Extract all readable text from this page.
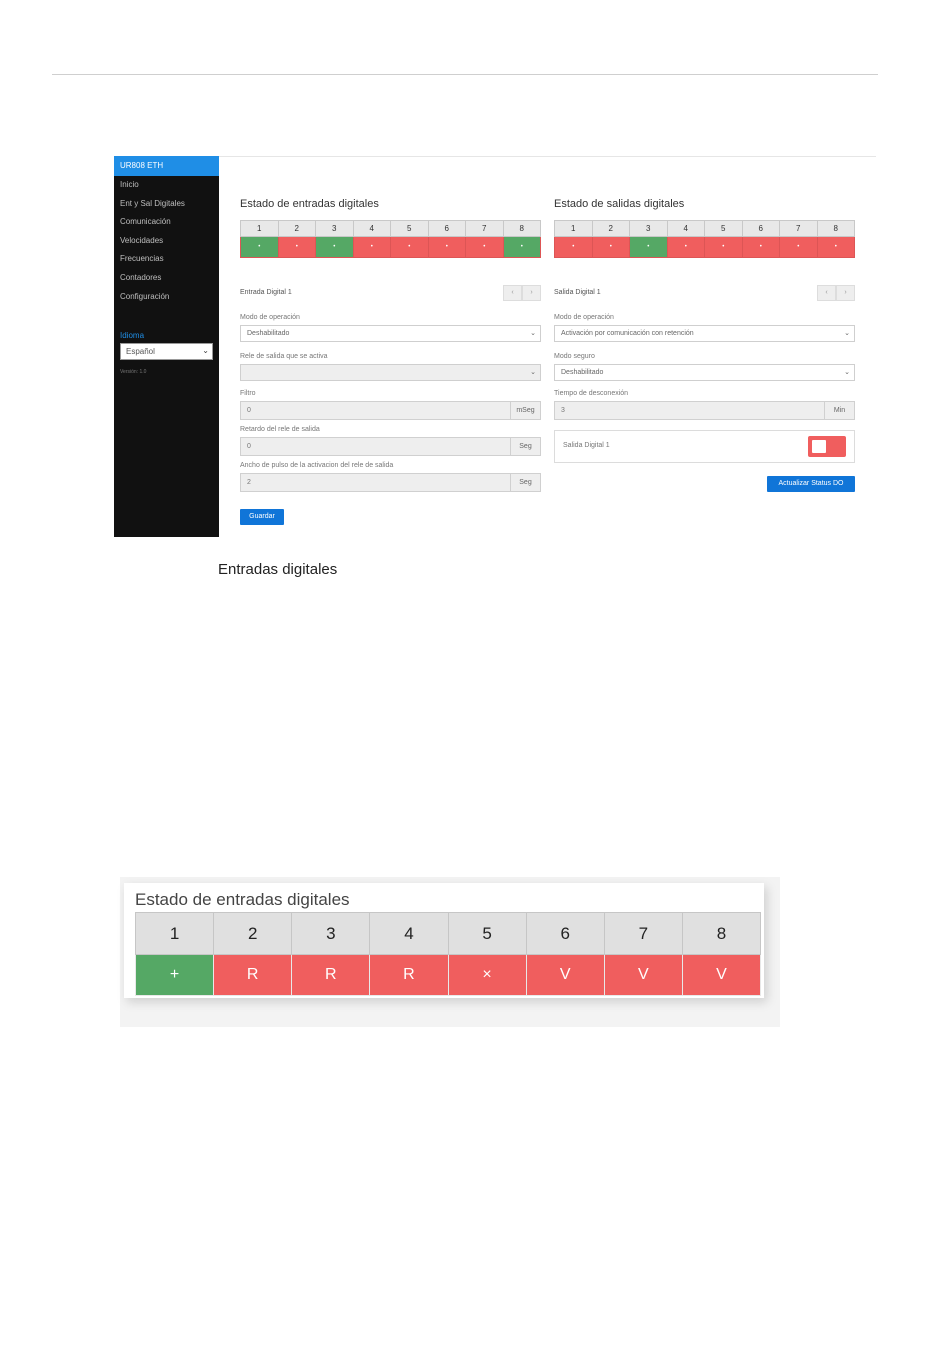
UR808 ETH
Inicio
Ent y Sal Digitales
Comunicación
Velocidades
Frecuencias
Contadores
Configuración
Idioma
Español	⌄
Versión: 1.0
Estado de entradas digitales
1	2	3	4	5	6	7	8
•	•	•	•	•	•	•	•
Entrada Digital 1	‹	›
Modo de operación
Deshabilitado	⌄
Rele de salida que se activa
⌄
Filtro
0	mSeg
Retardo del rele de salida
0	Seg
Ancho de pulso de la activacion del rele de salida
2	Seg
Guardar
Estado de salidas digitales
1	2	3	4	5	6	7	8
•	•	•	•	•	•	•	•
Salida Digital 1	‹	›
Modo de operación
Activación por comunicación con retención	⌄
Modo seguro
Deshabilitado	⌄
Tiempo de desconexión
3	Min
Salida Digital 1
Actualizar Status DO
Entradas digitales
Estado de entradas digitales
1	2	3	4	5	6	7	8
+	R	R	R	×	V	V	V
